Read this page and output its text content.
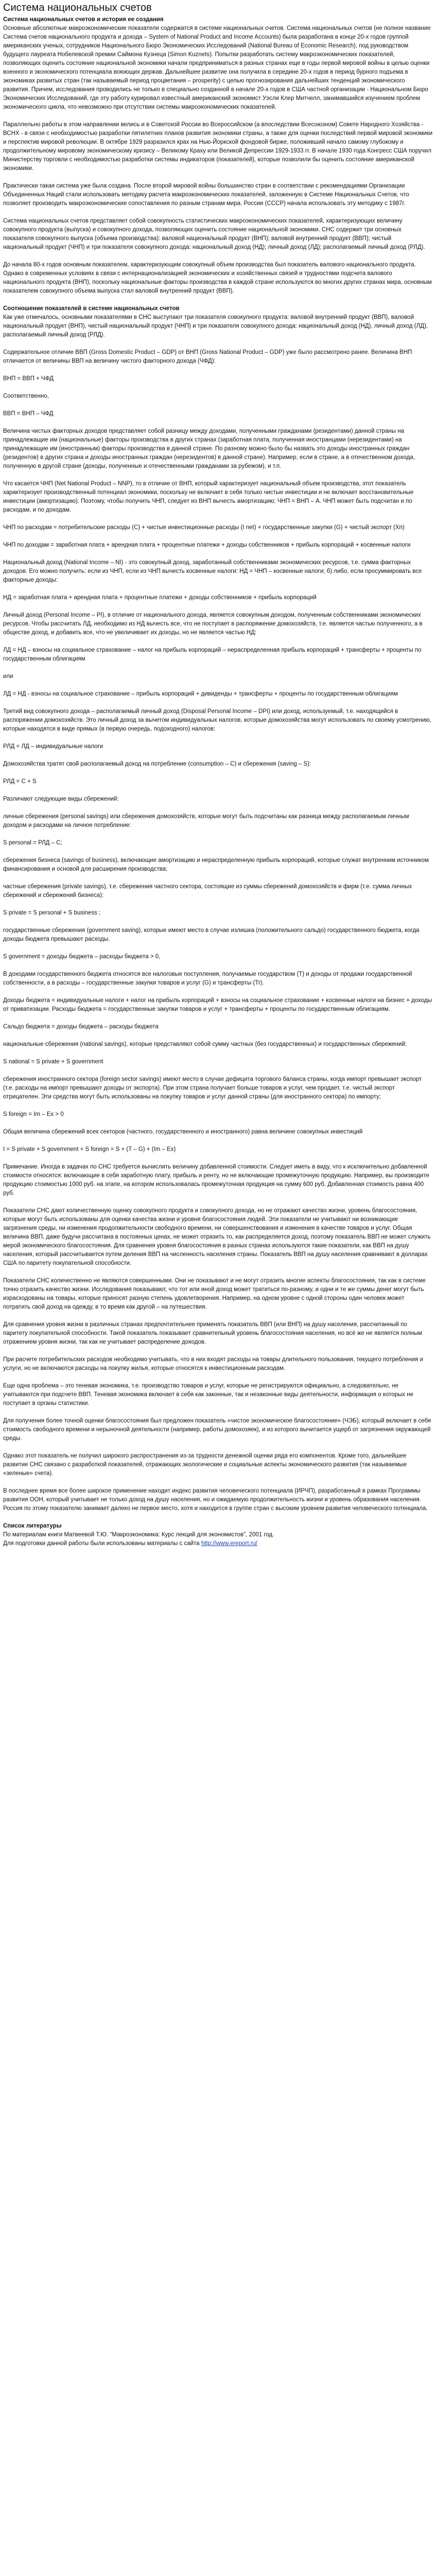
Система национальных счетов

Система национальных счетов и история ее создания

Основные абсолютные макроэкономические показатели содержатся в системе национальных счетов. Система национальных счетов (не полное название Система счетов национального продукта и дохода – System of National Product and Income Accounts) была разработана в конце 20-х годов группой американских ученых, сотрудников Национального Бюро Экономических Исследований (National Bureau of Economic Research), под руководством будущего лауреата Нобелевской премии Саймона Кузнеца (Simon Kuznets). Попытки разработать систему макроэкономических показателей, позволяющих оценить состояние национальной экономики начали предприниматься в разных странах еще в годы первой мировой войны в целью оценки военного и экономического потенциала воюющих держав. Дальнейшее развитие она получила в середине 20-х годов в период бурного подъема в экономиках развитых стран (так называемый период процветания – prosperity) с целью прогнозирования дальнейших тенденций экономического развития. Причем, исследования проводились не только в специально созданной в начале 20-х годов в США частной организации - Национальном Бюро Экономических Исследований, где эту работу курировал известный американский экономист Уэсли Клер Митчелл, занимавшийся изучением проблем экономического цикла, что невозможно при отсутствии системы макроэкономических показателей.

Параллельно работы в этом направлении велись и в Советской России во Всероссийском (а впоследствии Всесоюзном) Совете Народного Хозяйства - ВСНХ - в связи с необходимостью разработки пятилетних планов развития экономики страны, а также для оценки последствий первой мировой экономики и перспектив мировой революции. В октябре 1929 разразился крах на Нью-Йоркской фондовой бирже, положивший начало самому глубокому и продолжительному мировому экономическому кризису – Великому Краху или Великой Депрессии 1929-1933 гг. В начале 1930 года Конгресс США поручил Министерству торговли с необходимостью разработки системы индикаторов (показателей), которые позволили бы оценить состояние американской экономики.

Практически такая система уже была создана. После второй мировой войны большинство стран в соответствии с рекомендациями Организации Объединенных Наций стали использовать методику расчета макроэкономических показателей, заложенную в Системе Национальных Счетов, что позволяет производить макроэкономические сопоставления по разным странам мира. России (СССР) начала использовать эту методику с 1987г.

Система национальных счетов представляет собой совокупность статистических макроэкономических показателей, характеризующих величину совокупного продукта (выпуска) и совокупного дохода, позволяющих оценить состояние национальной экономики. СНС содержит три основных показателя совокупного выпуска (объема производства): валовой национальный продукт (ВНП); валовой внутренний продукт (ВВП); чистый национальный продукт (ЧНП) и три показателя совокупного дохода: национальный доход (НД); личный доход (ЛД); располагаемый личный доход (РЛД).

До начала 80-х годов основным показателем, характеризующим совокупный объем производства был показатель валового национального продукта. Однако в современных условиях в связи с интернационализацией экономических и хозяйственных связей и трудностями подсчета валового национального продукта (ВНП), поскольку национальные факторы производства в каждой стране используются во многих других странах мира, основным показателем совокупного объема выпуска стал валовой внутренний продукт (ВВП).

Соотношение показателей в системе национальных счетов

Как уже отмечалось, основными показателями в СНС выступают три показателя совокупного продукта: валовой внутренний продукт (ВВП), валовой национальный продукт (ВНП), чистый национальный продукт (ЧНП) и три показателя совокупного дохода: национальный доход (НД), личный доход (ЛД), располагаемый личный доход (РЛД).

Содержательное отличие ВВП (Gross Domestic Product – GDP) от ВНП (Gross National Product – GDP) уже было рассмотрено ранее. Величина ВНП отличается от величины ВВП на величину чистого факторного дохода (ЧФД):

ВНП = ВВП + ЧФД

Соответственно,

ВВП = ВНП – ЧФД

Величина чистых факторных доходов представляет собой разницу между доходами, полученными гражданами (резидентами) данной страны на принадлежащие им (национальные) факторы производства в других странах (заработная плата, полученная иностранцами (нерезидентами) на принадлежащие им (иностранным) факторы производства в данной стране. По разному можно было бы назвать это доходы иностранных граждан (резидентов) в других страна и доходы иностранных граждан (нерезидентов) в данной стране). Например, если в стране, а в отечественном дохода, полученную в другой стране (доходы, полученные и отечественными гражданами за рубежом), и т.п.

Что касается ЧНП (Net National Product – NNP), то в отличие от ВНП, который характеризует национальный объем производства, этот показатель характеризует производственный потенциал экономики, поскольку не включает в себя только чистые инвестиции и не включает восстановительные инвестиции (амортизацию). Поэтому, чтобы получить ЧНП, следует из ВНП вычесть амортизацию: ЧНП = ВНП – A. ЧНП может быть подсчитан и по расходам, и по доходам.

ЧНП по расходам = потребительские расходы (С) + чистые инвестиционные расходы (I net) + государственные закупки (G) + чистый экспорт (Xn)

ЧНП по доходам = заработная плата + арендная плата + процентные платежи + доходы собственников + прибыль корпораций + косвенные налоги

Национальный доход (National Income – NI) - это совокупный доход, заработанный собственниками экономических ресурсов, т.е. сумма факторных доходов. Его можно получить: если из ЧНП, если из ЧНП вычесть косвенные налоги: НД = ЧНП – косвенные налоги; б) либо, если просуммировать все факторные доходы:

НД = заработная плата + арендная плата + процентные платежи + доходы собственников + прибыль корпораций

Личный доход (Personal Income – PI), в отличие от национального дохода, является совокупным доходом, полученным собственниками экономических ресурсов. Чтобы рассчитать ЛД, необходимо из НД вычесть все, что не поступает в распоряжение домохозяйств, т.е. является частью полученного, а в обществе доход, и добавить все, что не увеличивает их доходы, но не является частью НД:

ЛД = НД – взносы на социальное страхование – налог на прибыль корпораций – нераспределенная прибыль корпораций + трансферты + проценты по государственным облигациям

или

ЛД = НД - взносы на социальное страхование – прибыль корпораций + дивиденды + трансферты + проценты по государственным облигациям

Третий вид совокупного дохода – располагаемый личный доход (Disposal Personal Income – DPI) или доход, используемый, т.е. находящийся в распоряжении домохозяйств. Это личный доход за вычетом индивидуальных налогов, которые домохозяйства могут использовать по своему усмотрению, которые находятся в виде прямых (в первую очередь, подоходного) налогов:

РЛД = ЛД – индивидуальные налоги

Домохозяйства тратят свой располагаемый доход на потребление (consumption – С) и сбережения (saving – S):

РЛД = С + S

Различают следующие виды сбережений:

личные сбережения (personal savings) или сбережения домохозяйств, которые могут быть подсчитаны как разница между располагаемым личным доходом и расходами на личное потребление:

S personal = РЛД – С;

сбережения бизнеса (savings of business), включающие амортизацию и нераспределенную прибыль корпораций, которые служат внутренним источником финансирования и основой для расширения производства;

частные сбережения (private savings), т.е. сбережения частного сектора, состоящие из суммы сбережений домохозяйств и фирм (т.е. сумма личных сбережений и сбережений бизнеса):

S private = S personal + S business ;

государственные сбережения (government saving), которые имеют место в случае излишка (положительного сальдо) государственного бюджета, когда доходы бюджета превышают расходы.

S government = доходы бюджета – расходы бюджета > 0,

В доходами государственного бюджета относятся все налоговые поступления, получаемые государством (Т) и доходы от продажи государственной собственности, а в расходы – государственные закупки товаров и услуг (G) и трансферты (Tr).

Доходы бюджета = индивидуальные налоги + налог на прибыль корпораций + взносы на социальное страхование + косвенные налоги на бизнес + доходы от приватизации. Расходы бюджета = государственные закупки товаров и услуг + трансферты + проценты по государственным облигациям.

Сальдо бюджета = доходы бюджета – расходы бюджета

национальные сбережения (national savings), которые представляют собой сумму частных (без государственных) и государственных сбережений:

S national = S private + S government

сбережения иностранного сектора (foreign sector savings) имеют место в случае дефицита торгового баланса страны, когда импорт превышает экспорт (т.е. расходы на импорт превышают доходы от экспорта). При этом страна получает больше товаров и услуг, чем продает, т.е. чистый экспорт отрицателен. Эти средства могут быть использованы на покупку товаров и услуг данной страны (для иностранного сектора) по импорту;

S foreign = Im – Ex > 0

Общая величина сбережений всех секторов (частного, государственного и иностранного) равна величине совокупных инвестиций

I = S private + S government + S foreign = S + (T – G) + (Im – Ex)

Примечание. Иногда в задачах по СНС требуется вычислить величину добавленной стоимости. Следует иметь в виду, что к исключительно добавленной стоимости относятся: включающие в себя заработную плату, прибыль и ренту, но не включающие промежуточную продукцию. Например, вы производите продукцию стоимостью 1000 руб. на этапе, на котором использовалась промежуточная продукция на сумму 600 руб. Добавленная стоимость равна 400 руб.

Показатели СНС дают количественную оценку совокупного продукта и совокупного дохода, но не отражают качество жизни, уровень благосостояния, которые могут быть использованы для оценки качества жизни и уровня благосостояния людей. Эти показатели не учитывают ни возникающие загрязнения среды, ни изменения продолжительности свободного времени, ни совершенствования и изменения в качестве товаров и услуг. Общая величина ВВП, даже будучи рассчитана в постоянных ценах, не может отразить то, как распределяется доход, поэтому показатель ВВП не может служить мерой экономического благосостояния. Для сравнения уровня благосостояния в разных странах используются такие показатели, как ВВП на душу населения, который рассчитывается путем деления ВВП на численность населения страны. Показатель ВВП на душу населения сравнивают в долларах США по паритету покупательной способности.

Показатели СНС количественно не являются совершенными. Они не показывают и не могут отразить многие аспекты благосостояния, так как в системе точно отразить качество жизни. Исследования показывают, что тот или иной доход может тратиться по-разному, и одни и те же суммы денег могут быть израсходованы на товары, которые приносят разную степень удовлетворения. Например, на одном уровне с одной стороны один человек может потратить свой доход на одежду, в то время как другой – на путешествия.

Для сравнения уровня жизни в различных странах предпочтительнее применять показатель ВВП (или ВНП) на душу населения, рассчитанный по паритету покупательной способности. Такой показатель показывает сравнительный уровень благосостояния населения, но всё же не является полным отражением уровня жизни, так как не учитывает распределение доходов.

При расчете потребительских расходов необходимо учитывать, что в них входят расходы на товары длительного пользования, текущего потребления и услуги, но не включаются расходы на покупку жилья, которые относятся к инвестиционным расходам.

Еще одна проблема – это теневая экономика, т.е. производство товаров и услуг, которые не регистрируются официально, а следовательно, не учитываются при подсчете ВВП. Теневая экономика включает в себя как законные, так и незаконные виды деятельности, информация о которых не поступает в органы статистики.

Для получения более точной оценки благосостояния был предложен показатель «чистое экономическое благосостояние» (ЧЭБ), который включает в себя стоимость свободного времени и нерыночной деятельности (например, работы домохозяек), и из которого вычитается ущерб от загрязнения окружающей среды.

Однако этот показатель не получил широкого распространения из-за трудности денежной оценки ряда его компонентов. Кроме того, дальнейшее развитие СНС связано с разработкой показателей, отражающих экологические и социальные аспекты экономического развития (так называемые «зеленые» счета).

В последнее время все более широкое применение находит индекс развития человеческого потенциала (ИРЧП), разработанный в рамках Программы развития ООН, который учитывает не только доход на душу населения, но и ожидаемую продолжительность жизни и уровень образования населения. Россия по этому показателю занимает далеко не первое место, хотя и находится в группе стран с высоким уровнем развития человеческого потенциала.

Список литературы

По материалам книги Матвеевой Т.Ю. "Макроэкономика: Курс лекций для экономистов", 2001 год.

Для подготовки данной работы были использованы материалы с сайта http://www.ereport.ru/
